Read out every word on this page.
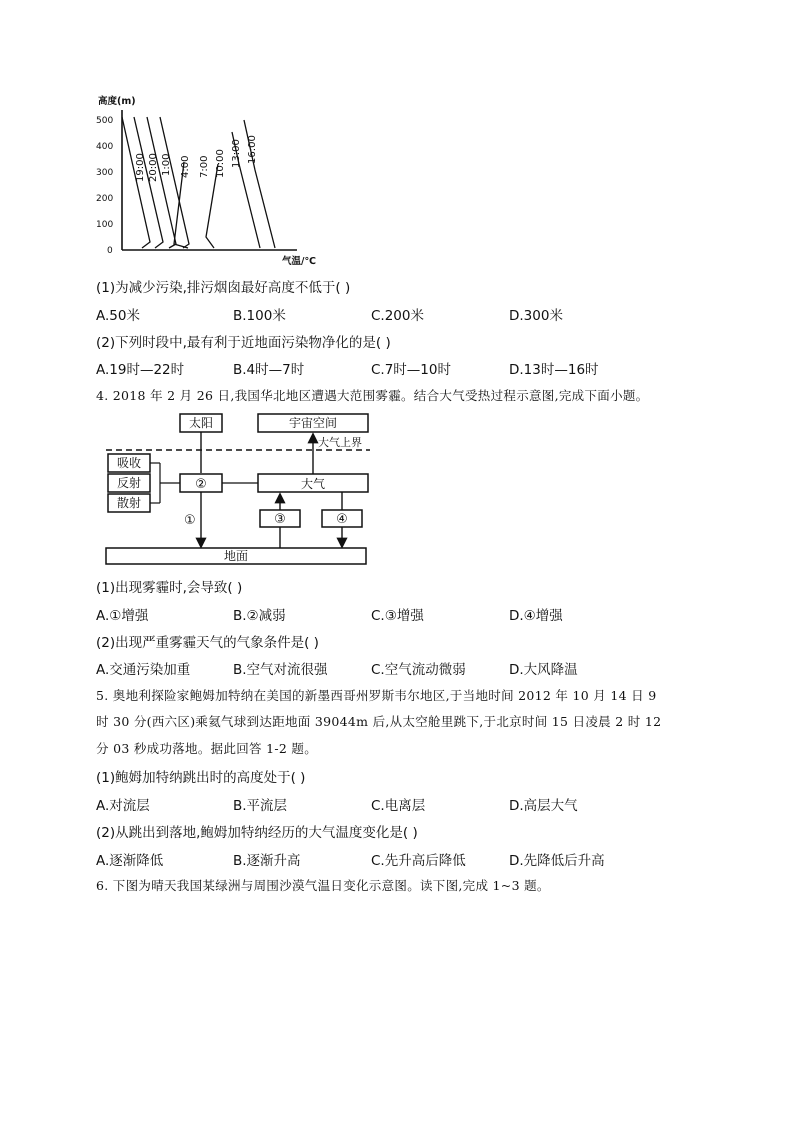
高度(m)
气温/℃
500
400
300
200
100
0
19:00 20:00 1:00 4:00 7:00 10:00 13:00 16:00
(1)为减少污染,排污烟囱最好高度不低于( )
A.50米	B.100米	C.200米	D.300米
(2)下列时段中,最有利于近地面污染物净化的是( )
A.19时—22时	B.4时—7时	C.7时—10时	D.13时—16时
4. 2018 年 2 月 26 日,我国华北地区遭遇大范围雾霾。结合大气受热过程示意图,完成下面小题。
太阳	宇宙空间
大气上界
吸收
反射
散射
②	大气
①	③	④
地面
(1)出现雾霾时,会导致( )
A.①增强	B.②减弱	C.③增强	D.④增强
(2)出现严重雾霾天气的气象条件是( )
A.交通污染加重	B.空气对流很强	C.空气流动微弱	D.大风降温
5. 奥地利探险家鲍姆加特纳在美国的新墨西哥州罗斯韦尔地区,于当地时间 2012 年 10 月 14 日 9
时 30 分(西六区)乘氦气球到达距地面 39044m 后,从太空舱里跳下,于北京时间 15 日凌晨 2 时 12
分 03 秒成功落地。据此回答 1-2 题。
(1)鲍姆加特纳跳出时的高度处于( )
A.对流层	B.平流层	C.电离层	D.高层大气
(2)从跳出到落地,鲍姆加特纳经历的大气温度变化是( )
A.逐渐降低	B.逐渐升高	C.先升高后降低	D.先降低后升高
6. 下图为晴天我国某绿洲与周围沙漠气温日变化示意图。读下图,完成 1~3 题。
